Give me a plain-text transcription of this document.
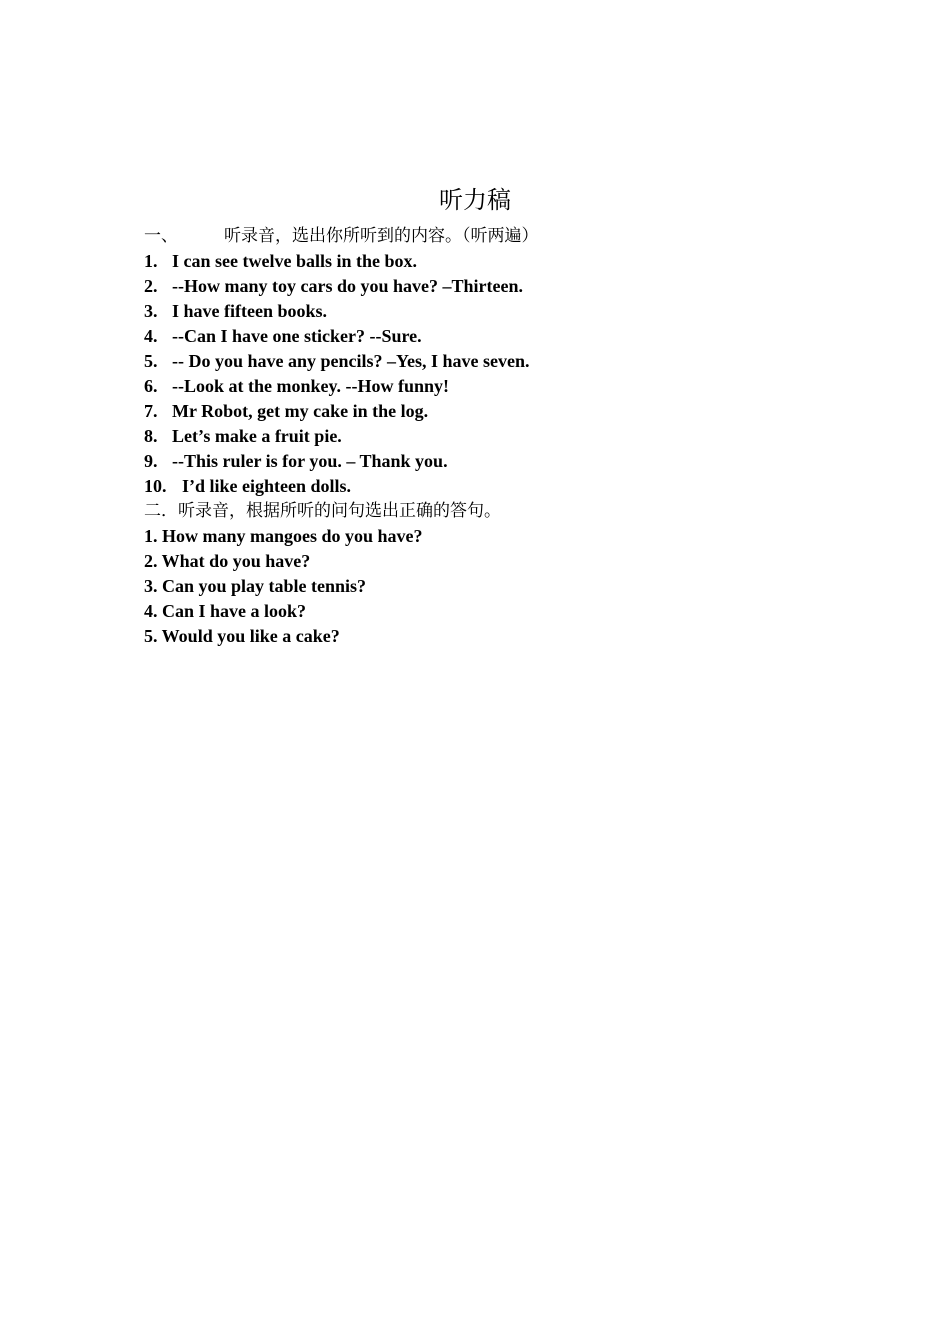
听力稿
一、	听录音，选出你所听到的内容。（听两遍）
1. I can see twelve balls in the box.
2. --How many toy cars do you have? –Thirteen.
3. I have fifteen books.
4. --Can I have one sticker? --Sure.
5. -- Do you have any pencils? –Yes, I have seven.
6. --Look at the monkey. --How funny!
7. Mr Robot, get my cake in the log.
8. Let’s make a fruit pie.
9. --This ruler is for you. – Thank you.
10. I’d like eighteen dolls.
二．听录音，根据所听的问句选出正确的答句。
1. How many mangoes do you have?
2. What do you have?
3. Can you play table tennis?
4. Can I have a look?
5. Would you like a cake?
